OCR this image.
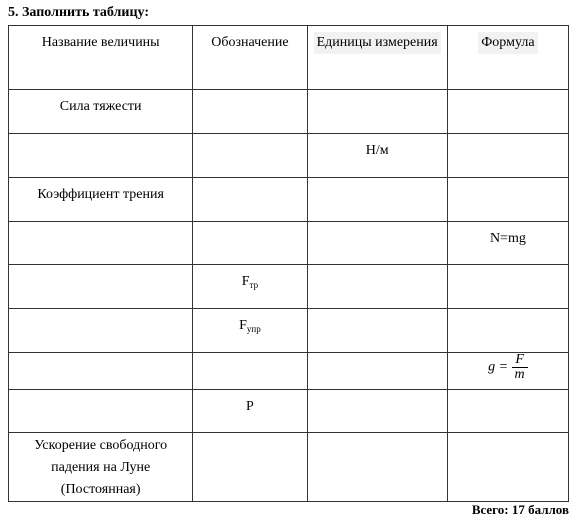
5. Заполнить таблицу:
Название величины	Обозначение	Единицы измерения	Формула
Сила тяжести			
		Н/м	
Коэффициент трения			
			N=mg
	$F_{тр}$		
	$F_{упр}$		
			$g = \frac{F}{m}$

	P		
Ускорение свободного падения на Луне (Постоянная)			
Всего: 17 баллов
